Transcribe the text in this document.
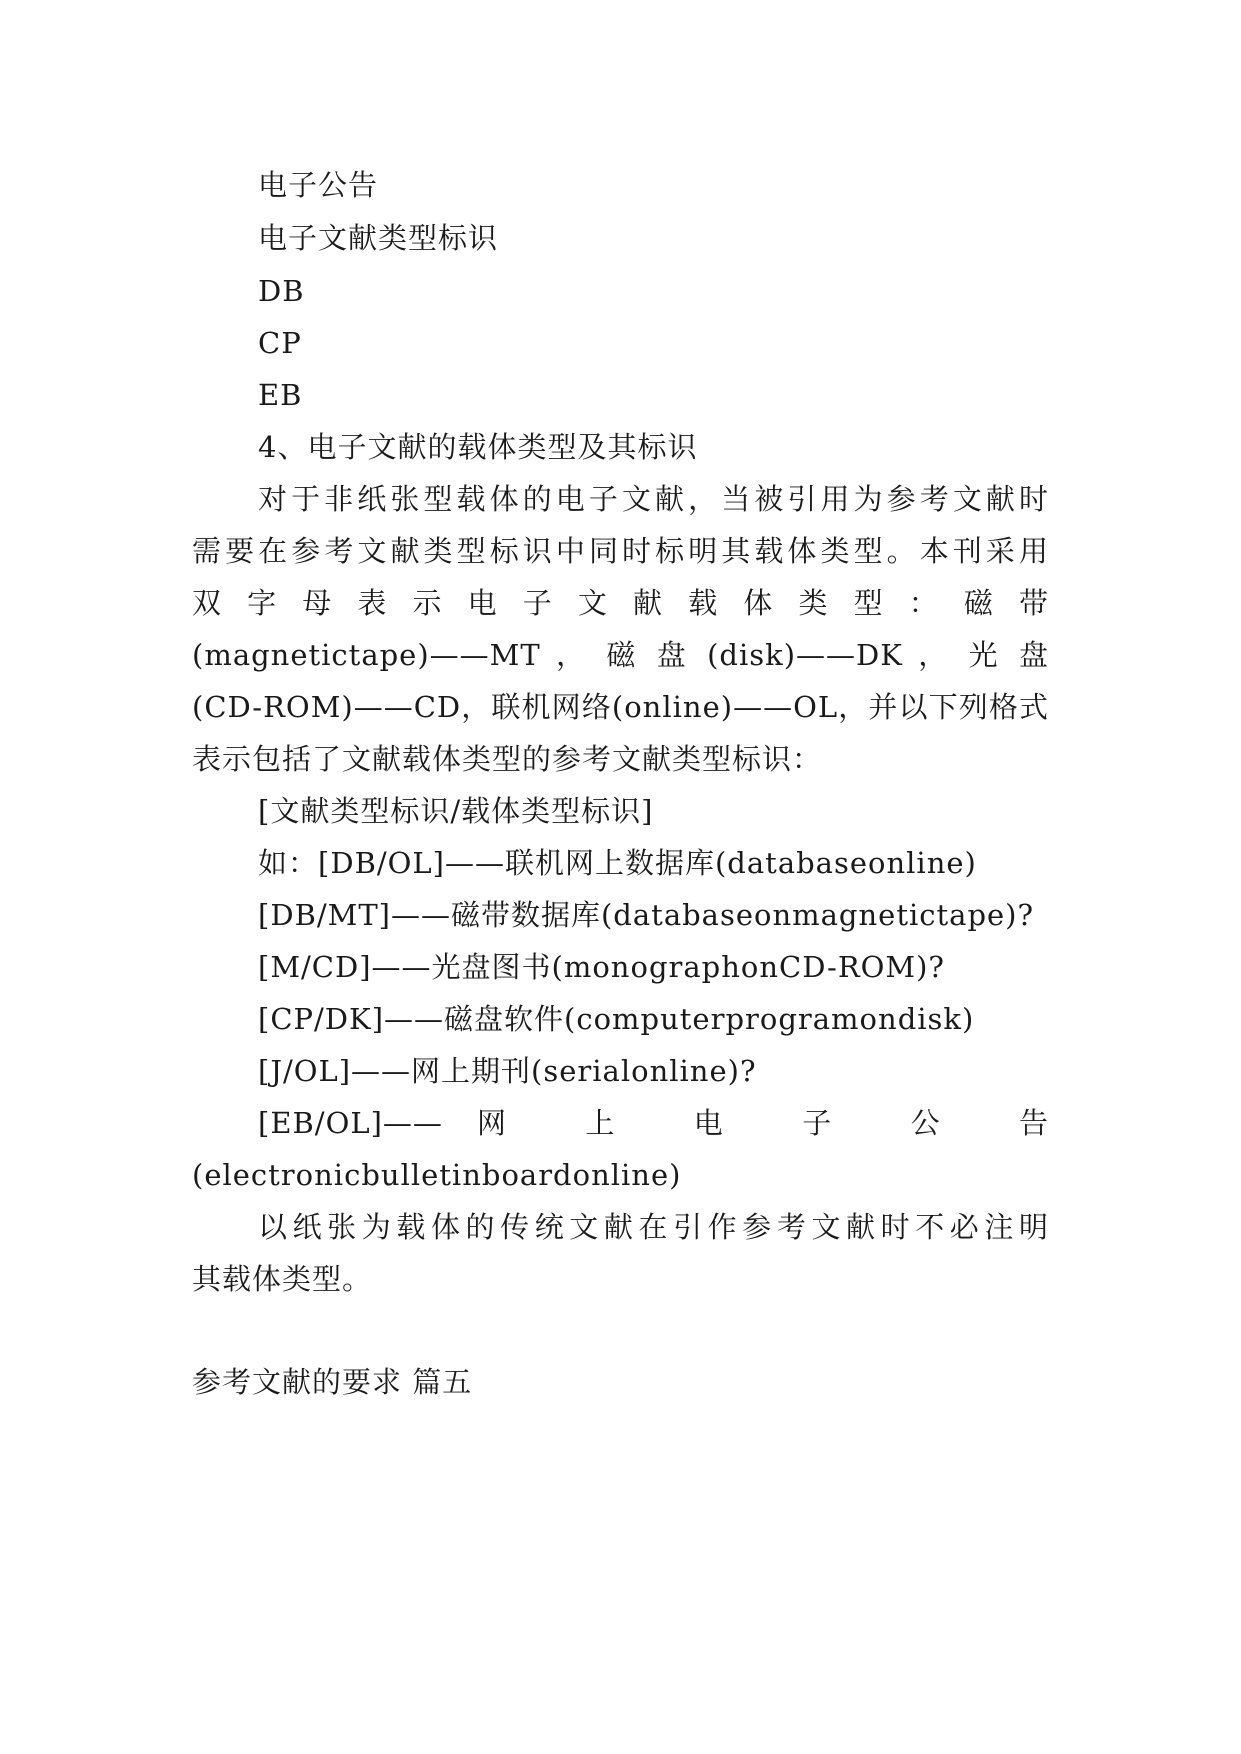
电子公告

电子文献类型标识

DB

CP

EB

4、电子文献的载体类型及其标识

对于非纸张型载体的电子文献，当被引用为参考文献时

需要在参考文献类型标识中同时标明其载体类型。本刊采用

双字母表示电子文献载体类型：磁带

(magnetictape)——MT ， 磁 盘 (disk)——DK ， 光 盘

(CD-ROM)——CD，联机网络(online)——OL，并以下列格式

表示包括了文献载体类型的参考文献类型标识：

[文献类型标识/载体类型标识]

如：[DB/OL]——联机网上数据库(databaseonline)

[DB/MT]——磁带数据库(databaseonmagnetictape)?

[M/CD]——光盘图书(monographonCD-ROM)?

[CP/DK]——磁盘软件(computerprogramondisk)

[J/OL]——网上期刊(serialonline)?

[EB/OL]——网 上 电 子 公 告

(electronicbulletinboardonline)

以纸张为载体的传统文献在引作参考文献时不必注明

其载体类型。

参考文献的要求 篇五
